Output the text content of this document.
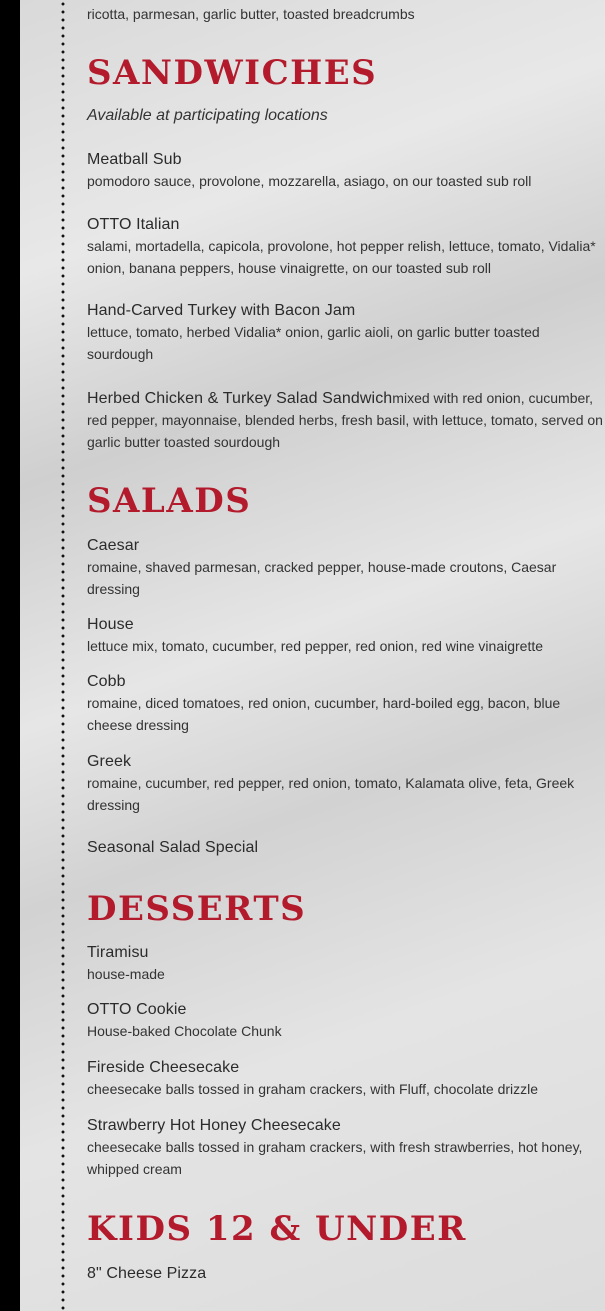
ricotta, parmesan, garlic butter, toasted breadcrumbs
SANDWICHES
Available at participating locations
Meatball Sub
pomodoro sauce, provolone, mozzarella, asiago, on our toasted sub roll
OTTO Italian
salami, mortadella, capicola, provolone, hot pepper relish, lettuce, tomato, Vidalia* onion, banana peppers, house vinaigrette, on our toasted sub roll
Hand-Carved Turkey with Bacon Jam
lettuce, tomato, herbed Vidalia* onion, garlic aioli, on garlic butter toasted sourdough
Herbed Chicken & Turkey Salad Sandwichmixed with red onion, cucumber, red pepper, mayonnaise, blended herbs, fresh basil, with lettuce, tomato, served on garlic butter toasted sourdough
SALADS
Caesar
romaine, shaved parmesan, cracked pepper, house-made croutons, Caesar dressing
House
lettuce mix, tomato, cucumber, red pepper, red onion, red wine vinaigrette
Cobb
romaine, diced tomatoes, red onion, cucumber, hard-boiled egg, bacon, blue cheese dressing
Greek
romaine, cucumber, red pepper, red onion, tomato, Kalamata olive, feta, Greek dressing
Seasonal Salad Special
DESSERTS
Tiramisu
house-made
OTTO Cookie
House-baked Chocolate Chunk
Fireside Cheesecake
cheesecake balls tossed in graham crackers, with Fluff, chocolate drizzle
Strawberry Hot Honey Cheesecake
cheesecake balls tossed in graham crackers, with fresh strawberries, hot honey, whipped cream
KIDS 12 & UNDER
8" Cheese Pizza
